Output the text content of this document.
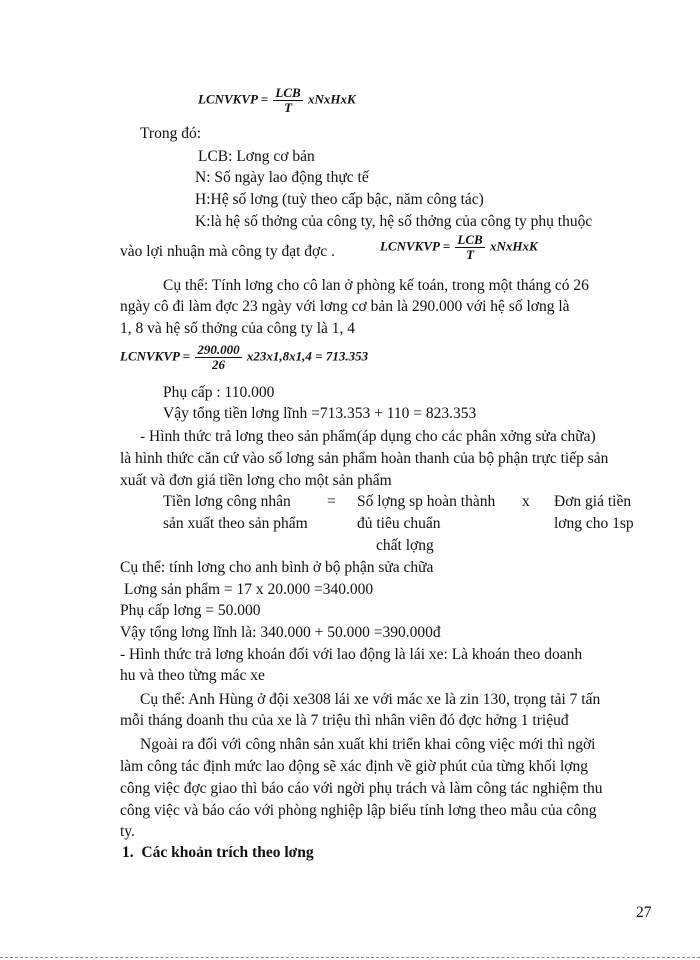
LCNVKVP = $\frac{\text{LCB}}{T}$ xNxHxK
Trong đó:
LCB: Lơng cơ bản
N: Số ngày lao động thực tế
H:Hệ số lơng (tuỳ theo cấp bậc, năm công tác)
K:là hệ số thởng của công ty, hệ số thởng của công ty phụ thuộc
vào lợi nhuận mà công ty đạt đợc .	LCNVKVP = $\frac{\text{LCB}}{T}$ xNxHxK
Cụ thể: Tính lơng cho cô lan ở phòng kế toán, trong một tháng có 26
ngày cô đi làm đợc 23 ngày với lơng cơ bản là 290.000 với hệ số lơng là
1, 8 và hệ số thởng của công ty là 1, 4
LCNVKVP = $\frac{290.000}{26} x23x1,8x1,4 = 713.353$
Phụ cấp : 110.000
Vậy tổng tiền lơng lĩnh =713.353 + 110 = 823.353
- Hình thức trả lơng theo sản phẩm(áp dụng cho các phân xởng sửa chữa)
là hình thức căn cứ vào số lơng sản phẩm hoàn thanh của bộ phận trực tiếp sản
xuất và đơn giá tiền lơng cho một sản phẩm
Tiền lơng công nhân
sản xuất theo sản phẩm
= Số lợng sp hoàn thành
đủ tiêu chuẩn
chất lợng
x Đơn giá tiền
lơng cho 1sp
Cụ thể: tính lơng cho anh bình ở bộ phận sửa chữa
Lơng sản phẩm = 17 x 20.000 =340.000
Phụ cấp lơng = 50.000
Vậy tổng lơng lĩnh là: 340.000 + 50.000 =390.000đ
- Hình thức trả lơng khoán đối với lao động là lái xe: Là khoán theo doanh
hu và theo từng mác xe
Cụ thể: Anh Hùng ở đội xe308 lái xe với mác xe là zin 130, trọng tải 7 tấn
mỗi tháng doanh thu của xe là 7 triệu thì nhân viên đó đợc hởng 1 triệuđ
Ngoài ra đối với công nhân sản xuất khi triển khai công việc mới thì ngời
làm công tác định mức lao động sẽ xác định về giờ phút của từng khối lợng
công việc đợc giao thì báo cáo với ngời phụ trách và làm công tác nghiệm thu
công việc và báo cáo với phòng nghiệp lập biểu tính lơng theo mẫu của công
ty.
1. Các khoản trích theo lơng
27
